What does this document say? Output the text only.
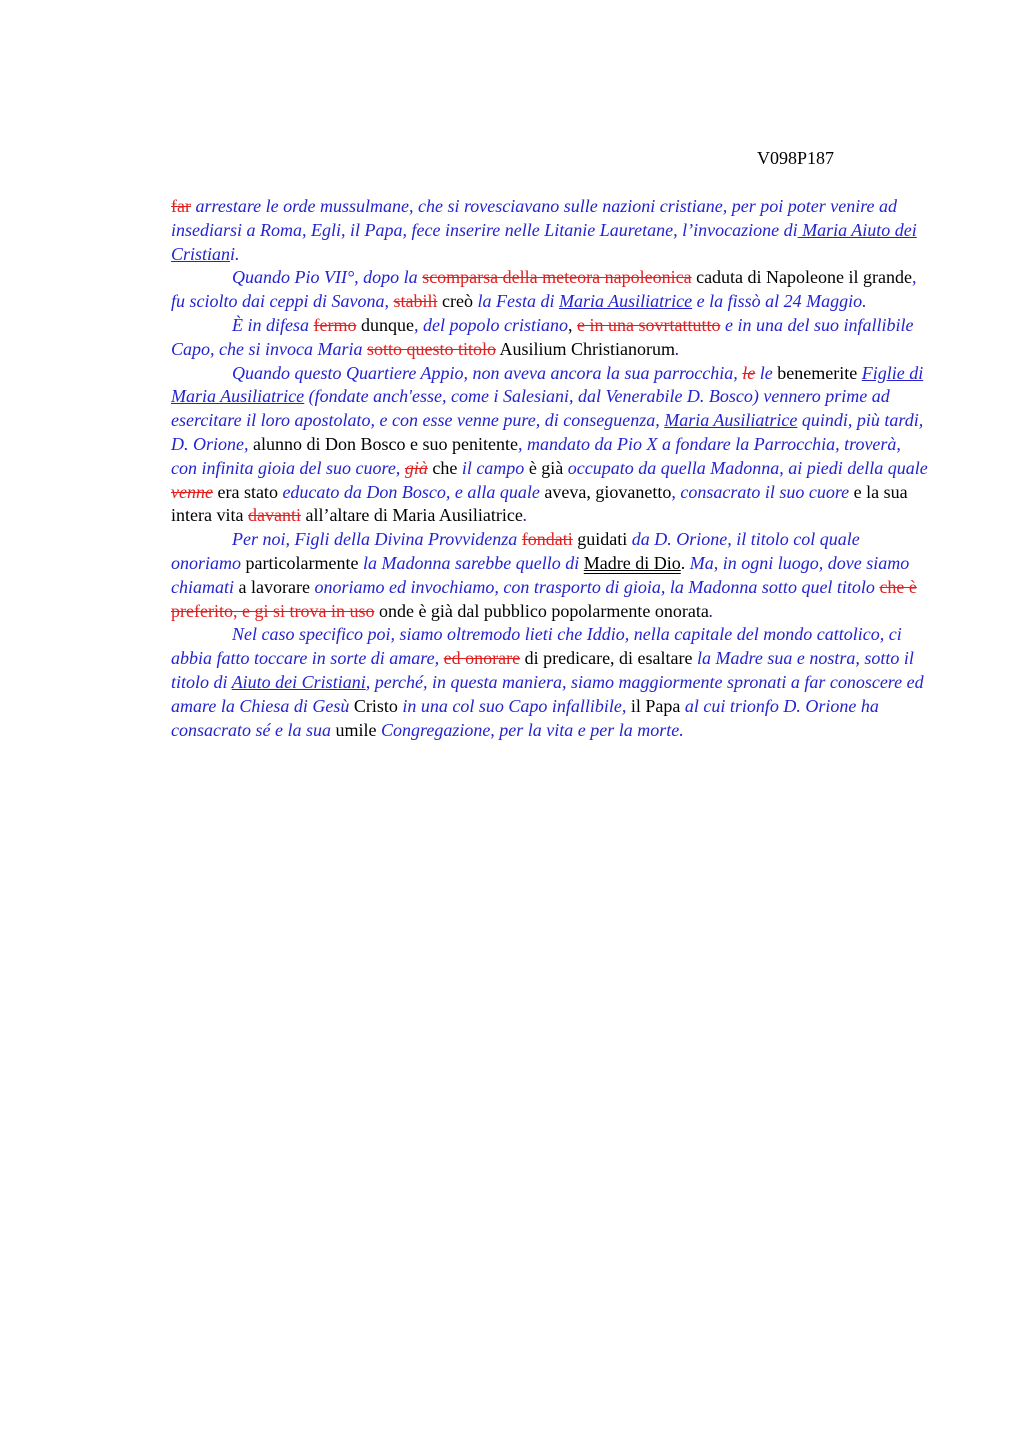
V098P187

far arrestare le orde mussulmane, che si rovesciavano sulle nazioni cristiane, per poi poter venire ad insediarsi a Roma, Egli, il Papa, fece inserire nelle Litanie Lauretane, l’invocazione di Maria Aiuto dei Cristiani.

Quando Pio VII°, dopo la scomparsa della meteora napoleonica caduta di Napoleone il grande, fu sciolto dai ceppi di Savona, stabilì creò la Festa di Maria Ausiliatrice e la fissò al 24 Maggio.

È in difesa fermo dunque, del popolo cristiano, e in una sovrtattutto e in una del suo infallibile Capo, che si invoca Maria sotto questo titolo Ausilium Christianorum.

Quando questo Quartiere Appio, non aveva ancora la sua parrocchia, le le benemerite Figlie di Maria Ausiliatrice (fondate anch'esse, come i Salesiani, dal Venerabile D. Bosco) vennero prime ad esercitare il loro apostolato, e con esse venne pure, di conseguenza, Maria Ausiliatrice quindi, più tardi, D. Orione, alunno di Don Bosco e suo penitente, mandato da Pio X a fondare la Parrocchia, troverà, con infinita gioia del suo cuore, già che il campo è già occupato da quella Madonna, ai piedi della quale venne era stato educato da Don Bosco, e alla quale aveva, giovanetto, consacrato il suo cuore e la sua intera vita davanti all’altare di Maria Ausiliatrice.

Per noi, Figli della Divina Provvidenza fondati guidati da D. Orione, il titolo col quale onoriamo particolarmente la Madonna sarebbe quello di Madre di Dio. Ma, in ogni luogo, dove siamo chiamati a lavorare onoriamo ed invochiamo, con trasporto di gioia, la Madonna sotto quel titolo che è preferito, e gi si trova in uso onde è già dal pubblico popolarmente onorata.

Nel caso specifico poi, siamo oltremodo lieti che Iddio, nella capitale del mondo cattolico, ci abbia fatto toccare in sorte di amare, ed onorare di predicare, di esaltare la Madre sua e nostra, sotto il titolo di Aiuto dei Cristiani, perché, in questa maniera, siamo maggiormente spronati a far conoscere ed amare la Chiesa di Gesù Cristo in una col suo Capo infallibile, il Papa al cui trionfo D. Orione ha consacrato sé e la sua umile Congregazione, per la vita e per la morte.
